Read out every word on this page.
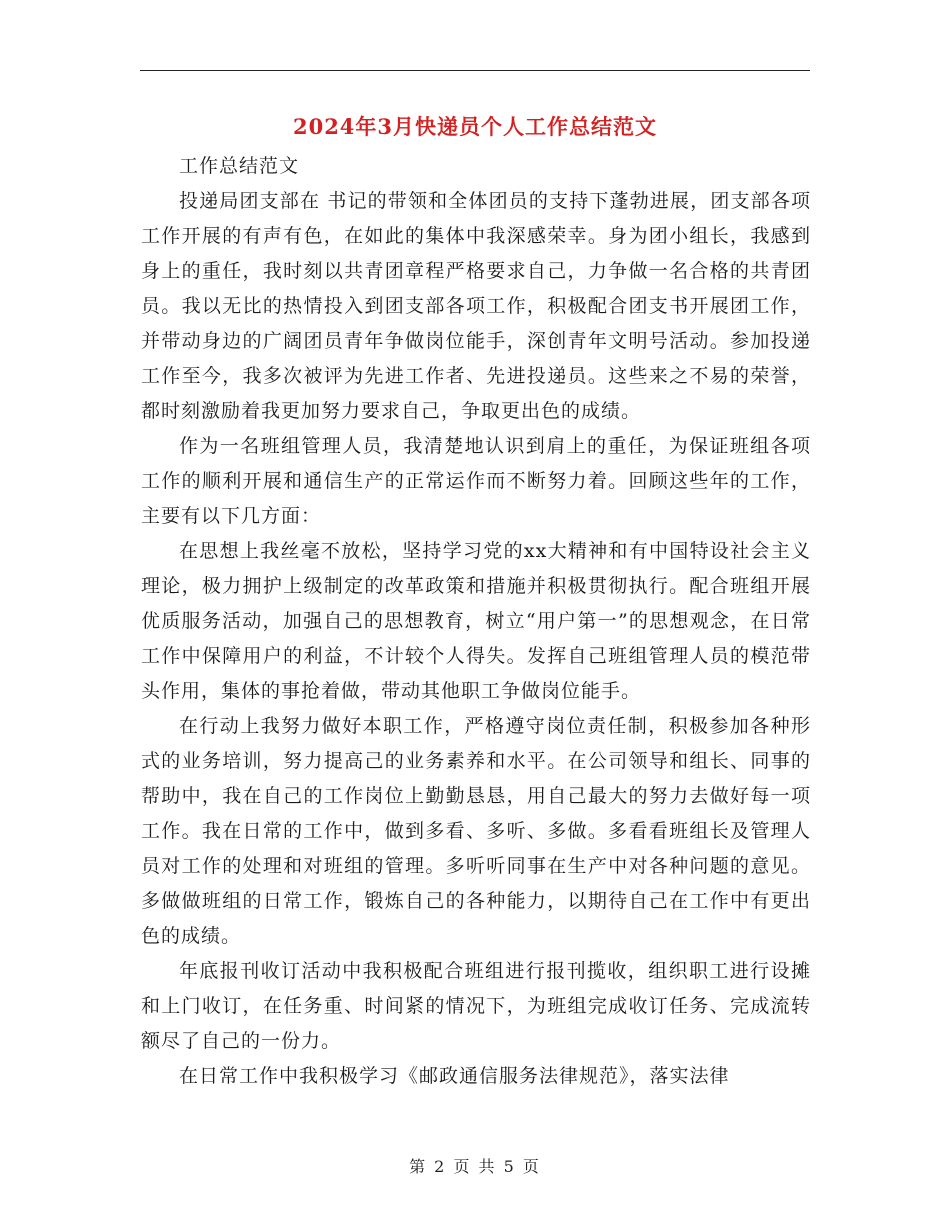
2024年3月快递员个人工作总结范文

工作总结范文

投递局团支部在 书记的带领和全体团员的支持下蓬勃进展，团支部各项工作开展的有声有色，在如此的集体中我深感荣幸。身为团小组长，我感到身上的重任，我时刻以共青团章程严格要求自己，力争做一名合格的共青团员。我以无比的热情投入到团支部各项工作，积极配合团支书开展团工作，并带动身边的广阔团员青年争做岗位能手，深创青年文明号活动。参加投递工作至今，我多次被评为先进工作者、先进投递员。这些来之不易的荣誉，都时刻激励着我更加努力要求自己，争取更出色的成绩。

作为一名班组管理人员，我清楚地认识到肩上的重任，为保证班组各项工作的顺利开展和通信生产的正常运作而不断努力着。回顾这些年的工作，主要有以下几方面：

在思想上我丝毫不放松，坚持学习党的xx大精神和有中国特设社会主义理论，极力拥护上级制定的改革政策和措施并积极贯彻执行。配合班组开展优质服务活动，加强自己的思想教育，树立“用户第一”的思想观念，在日常工作中保障用户的利益，不计较个人得失。发挥自己班组管理人员的模范带头作用，集体的事抢着做，带动其他职工争做岗位能手。

在行动上我努力做好本职工作，严格遵守岗位责任制，积极参加各种形式的业务培训，努力提高己的业务素养和水平。在公司领导和组长、同事的帮助中，我在自己的工作岗位上勤勤恳恳，用自己最大的努力去做好每一项工作。我在日常的工作中，做到多看、多听、多做。多看看班组长及管理人员对工作的处理和对班组的管理。多听听同事在生产中对各种问题的意见。多做做班组的日常工作，锻炼自己的各种能力，以期待自己在工作中有更出色的成绩。

年底报刊收订活动中我积极配合班组进行报刊揽收，组织职工进行设摊和上门收订，在任务重、时间紧的情况下，为班组完成收订任务、完成流转额尽了自己的一份力。

在日常工作中我积极学习《邮政通信服务法律规范》，落实法律

第 2 页 共 5 页
